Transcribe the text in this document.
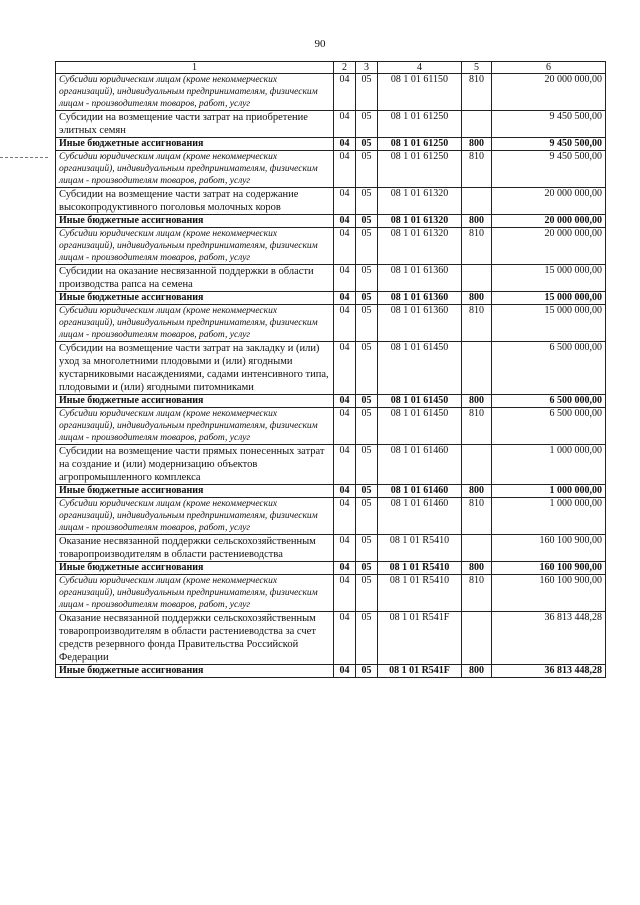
90
1	2	3	4	5	6
Субсидии юридическим лицам (кроме некоммерческих организаций), индивидуальным предпринимателям, физическим лицам - производителям товаров, работ, услуг	04	05	08 1 01 61150	810	20 000 000,00
Субсидии на возмещение части затрат на приобретение элитных семян	04	05	08 1 01 61250		9 450 500,00
Иные бюджетные ассигнования	04	05	08 1 01 61250	800	9 450 500,00
Субсидии юридическим лицам (кроме некоммерческих организаций), индивидуальным предпринимателям, физическим лицам - производителям товаров, работ, услуг	04	05	08 1 01 61250	810	9 450 500,00
Субсидии на возмещение части затрат на содержание высокопродуктивного поголовья молочных коров	04	05	08 1 01 61320		20 000 000,00
Иные бюджетные ассигнования	04	05	08 1 01 61320	800	20 000 000,00
Субсидии юридическим лицам (кроме некоммерческих организаций), индивидуальным предпринимателям, физическим лицам - производителям товаров, работ, услуг	04	05	08 1 01 61320	810	20 000 000,00
Субсидии на оказание несвязанной поддержки в области производства рапса на семена	04	05	08 1 01 61360		15 000 000,00
Иные бюджетные ассигнования	04	05	08 1 01 61360	800	15 000 000,00
Субсидии юридическим лицам (кроме некоммерческих организаций), индивидуальным предпринимателям, физическим лицам - производителям товаров, работ, услуг	04	05	08 1 01 61360	810	15 000 000,00
Субсидии на возмещение части затрат на закладку и (или) уход за многолетними плодовыми и (или) ягодными кустарниковыми насаждениями, садами интенсивного типа, плодовыми и (или) ягодными питомниками	04	05	08 1 01 61450		6 500 000,00
Иные бюджетные ассигнования	04	05	08 1 01 61450	800	6 500 000,00
Субсидии юридическим лицам (кроме некоммерческих организаций), индивидуальным предпринимателям, физическим лицам - производителям товаров, работ, услуг	04	05	08 1 01 61450	810	6 500 000,00
Субсидии на возмещение части прямых понесенных затрат на создание и (или) модернизацию объектов агропромышленного комплекса	04	05	08 1 01 61460		1 000 000,00
Иные бюджетные ассигнования	04	05	08 1 01 61460	800	1 000 000,00
Субсидии юридическим лицам (кроме некоммерческих организаций), индивидуальным предпринимателям, физическим лицам - производителям товаров, работ, услуг	04	05	08 1 01 61460	810	1 000 000,00
Оказание несвязанной поддержки сельскохозяйственным товаропроизводителям в области растениеводства	04	05	08 1 01 R5410		160 100 900,00
Иные бюджетные ассигнования	04	05	08 1 01 R5410	800	160 100 900,00
Субсидии юридическим лицам (кроме некоммерческих организаций), индивидуальным предпринимателям, физическим лицам - производителям товаров, работ, услуг	04	05	08 1 01 R5410	810	160 100 900,00
Оказание несвязанной поддержки сельскохозяйственным товаропроизводителям в области растениеводства за счет средств резервного фонда Правительства Российской Федерации	04	05	08 1 01 R541F		36 813 448,28
Иные бюджетные ассигнования	04	05	08 1 01 R541F	800	36 813 448,28
